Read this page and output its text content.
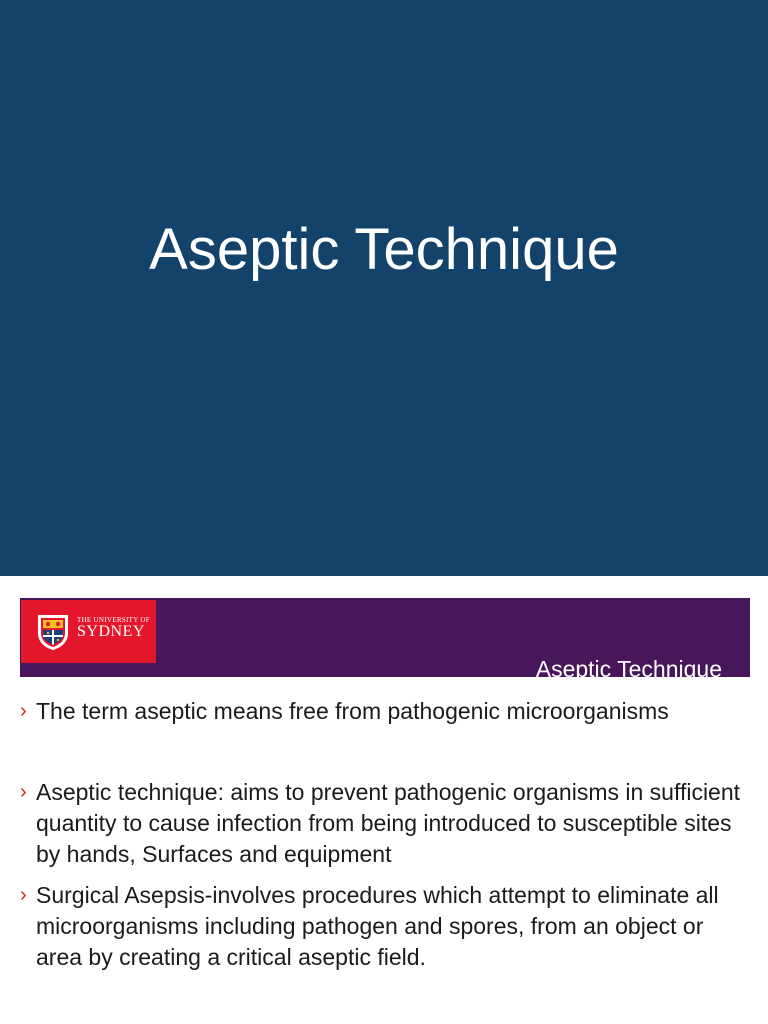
Aseptic Technique
Aseptic Technique
THE UNIVERSITY OF
SYDNEY
› The term aseptic means free from pathogenic microorganisms
› Aseptic technique: aims to prevent pathogenic organisms in sufficient quantity to cause infection from being introduced to susceptible sites by hands, Surfaces and equipment
› Surgical Asepsis-involves procedures which attempt to eliminate all microorganisms including pathogen and spores, from an object or area by creating a critical aseptic field.
